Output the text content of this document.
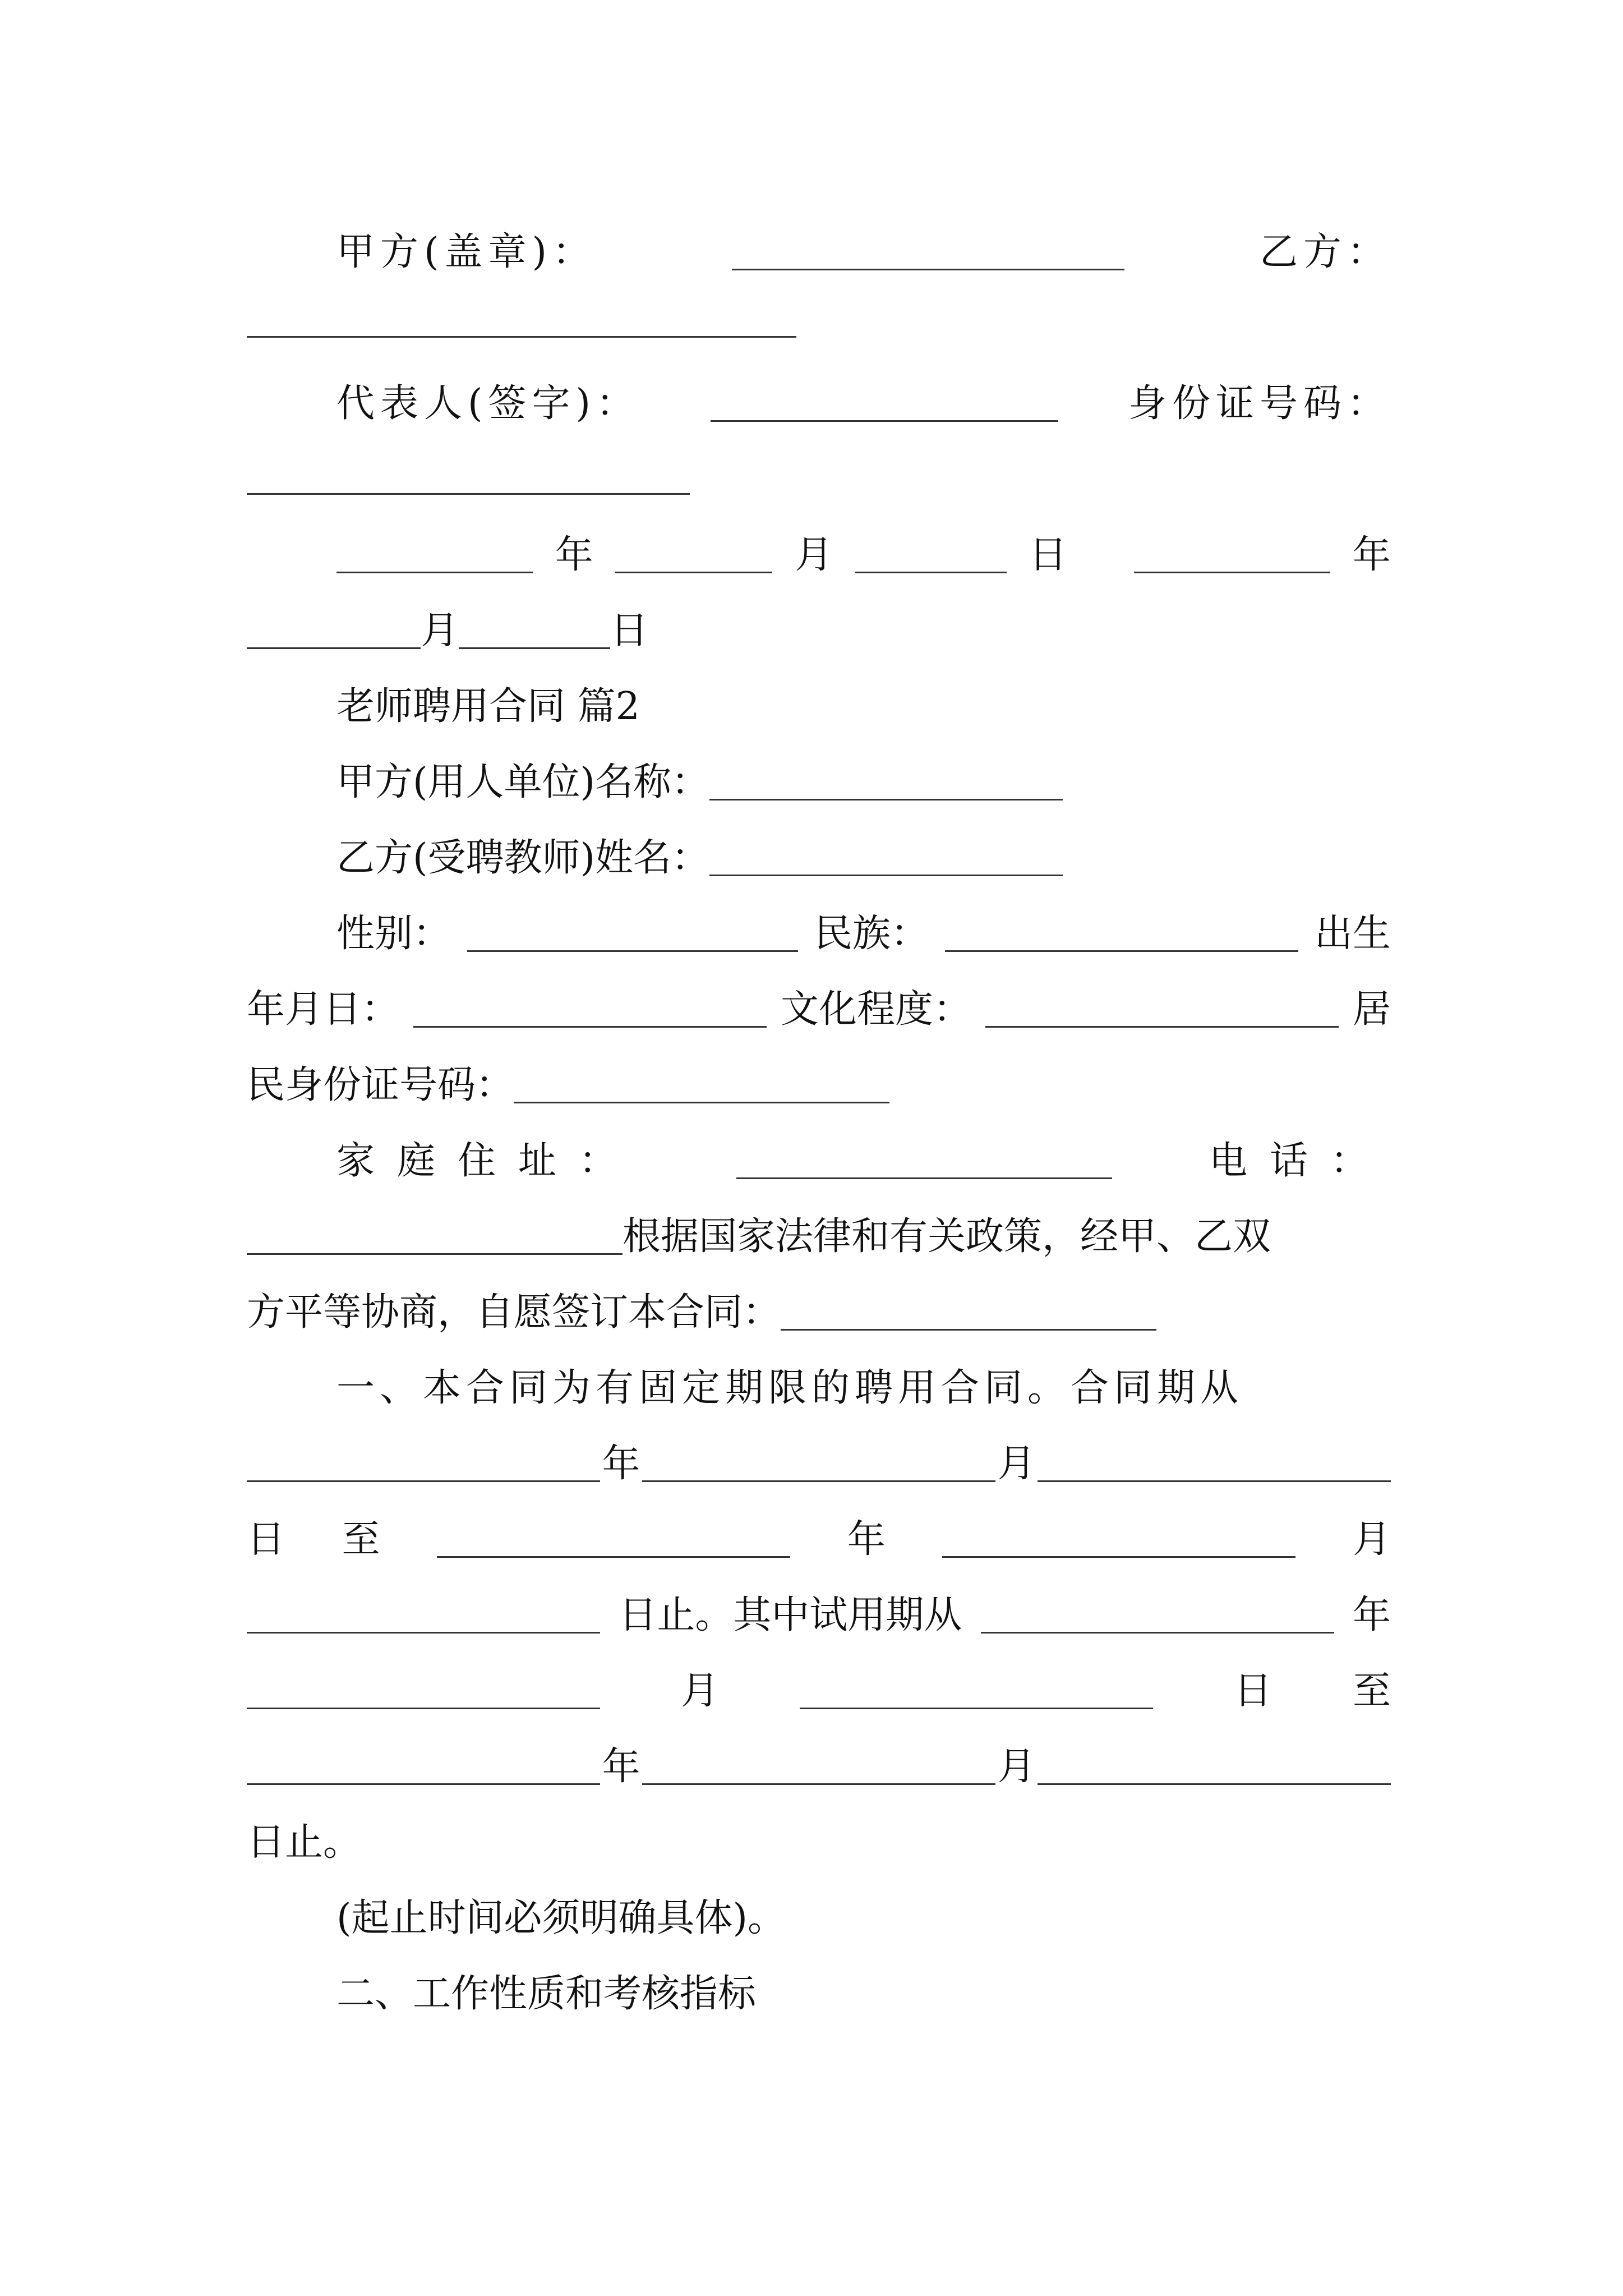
甲方(盖章)：	乙方：
代表人(签字)：	身份证号码：
年	月	日	年
月	日
老师聘用合同 篇2
甲方(用人单位)名称：
乙方(受聘教师)姓名：
性别：	民族：	出生
年月日：	文化程度：	居
民身份证号码：
家庭住址：	电话：
根据国家法律和有关政策，经甲、乙双
方平等协商，自愿签订本合同：
一、本合同为有固定期限的聘用合同。合同期从
年	月
日 至	年	月
日止。其中试用期从	年
月	日 至
年	月
日止。
(起止时间必须明确具体)。
二、工作性质和考核指标
